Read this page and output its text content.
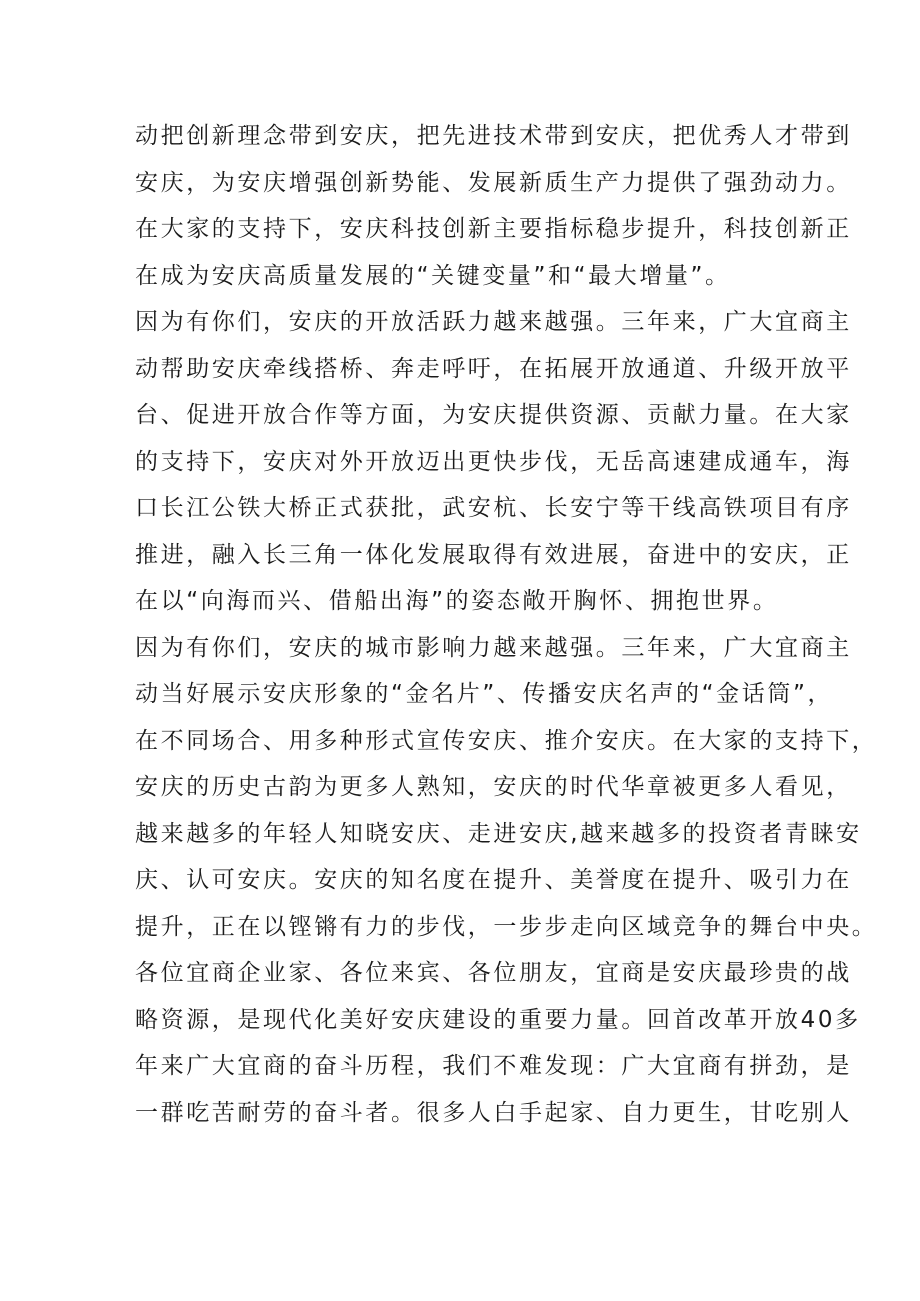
动把创新理念带到安庆，把先进技术带到安庆，把优秀人才带到
安庆，为安庆增强创新势能、发展新质生产力提供了强劲动力。
在大家的支持下，安庆科技创新主要指标稳步提升，科技创新正
在成为安庆高质量发展的“关键变量”和“最大增量”。
因为有你们，安庆的开放活跃力越来越强。三年来，广大宜商主
动帮助安庆牵线搭桥、奔走呼吁，在拓展开放通道、升级开放平
台、促进开放合作等方面，为安庆提供资源、贡献力量。在大家
的支持下，安庆对外开放迈出更快步伐，无岳高速建成通车，海
口长江公铁大桥正式获批，武安杭、长安宁等干线高铁项目有序
推进，融入长三角一体化发展取得有效进展，奋进中的安庆，正
在以“向海而兴、借船出海”的姿态敞开胸怀、拥抱世界。
因为有你们，安庆的城市影响力越来越强。三年来，广大宜商主
动当好展示安庆形象的“金名片”、传播安庆名声的“金话筒”，
在不同场合、用多种形式宣传安庆、推介安庆。在大家的支持下，
安庆的历史古韵为更多人熟知，安庆的时代华章被更多人看见，
越来越多的年轻人知晓安庆、走进安庆,越来越多的投资者青睐安
庆、认可安庆。安庆的知名度在提升、美誉度在提升、吸引力在
提升，正在以铿锵有力的步伐，一步步走向区域竞争的舞台中央。
各位宜商企业家、各位来宾、各位朋友，宜商是安庆最珍贵的战
略资源，是现代化美好安庆建设的重要力量。回首改革开放40多
年来广大宜商的奋斗历程，我们不难发现：广大宜商有拼劲，是
一群吃苦耐劳的奋斗者。很多人白手起家、自力更生，甘吃别人
